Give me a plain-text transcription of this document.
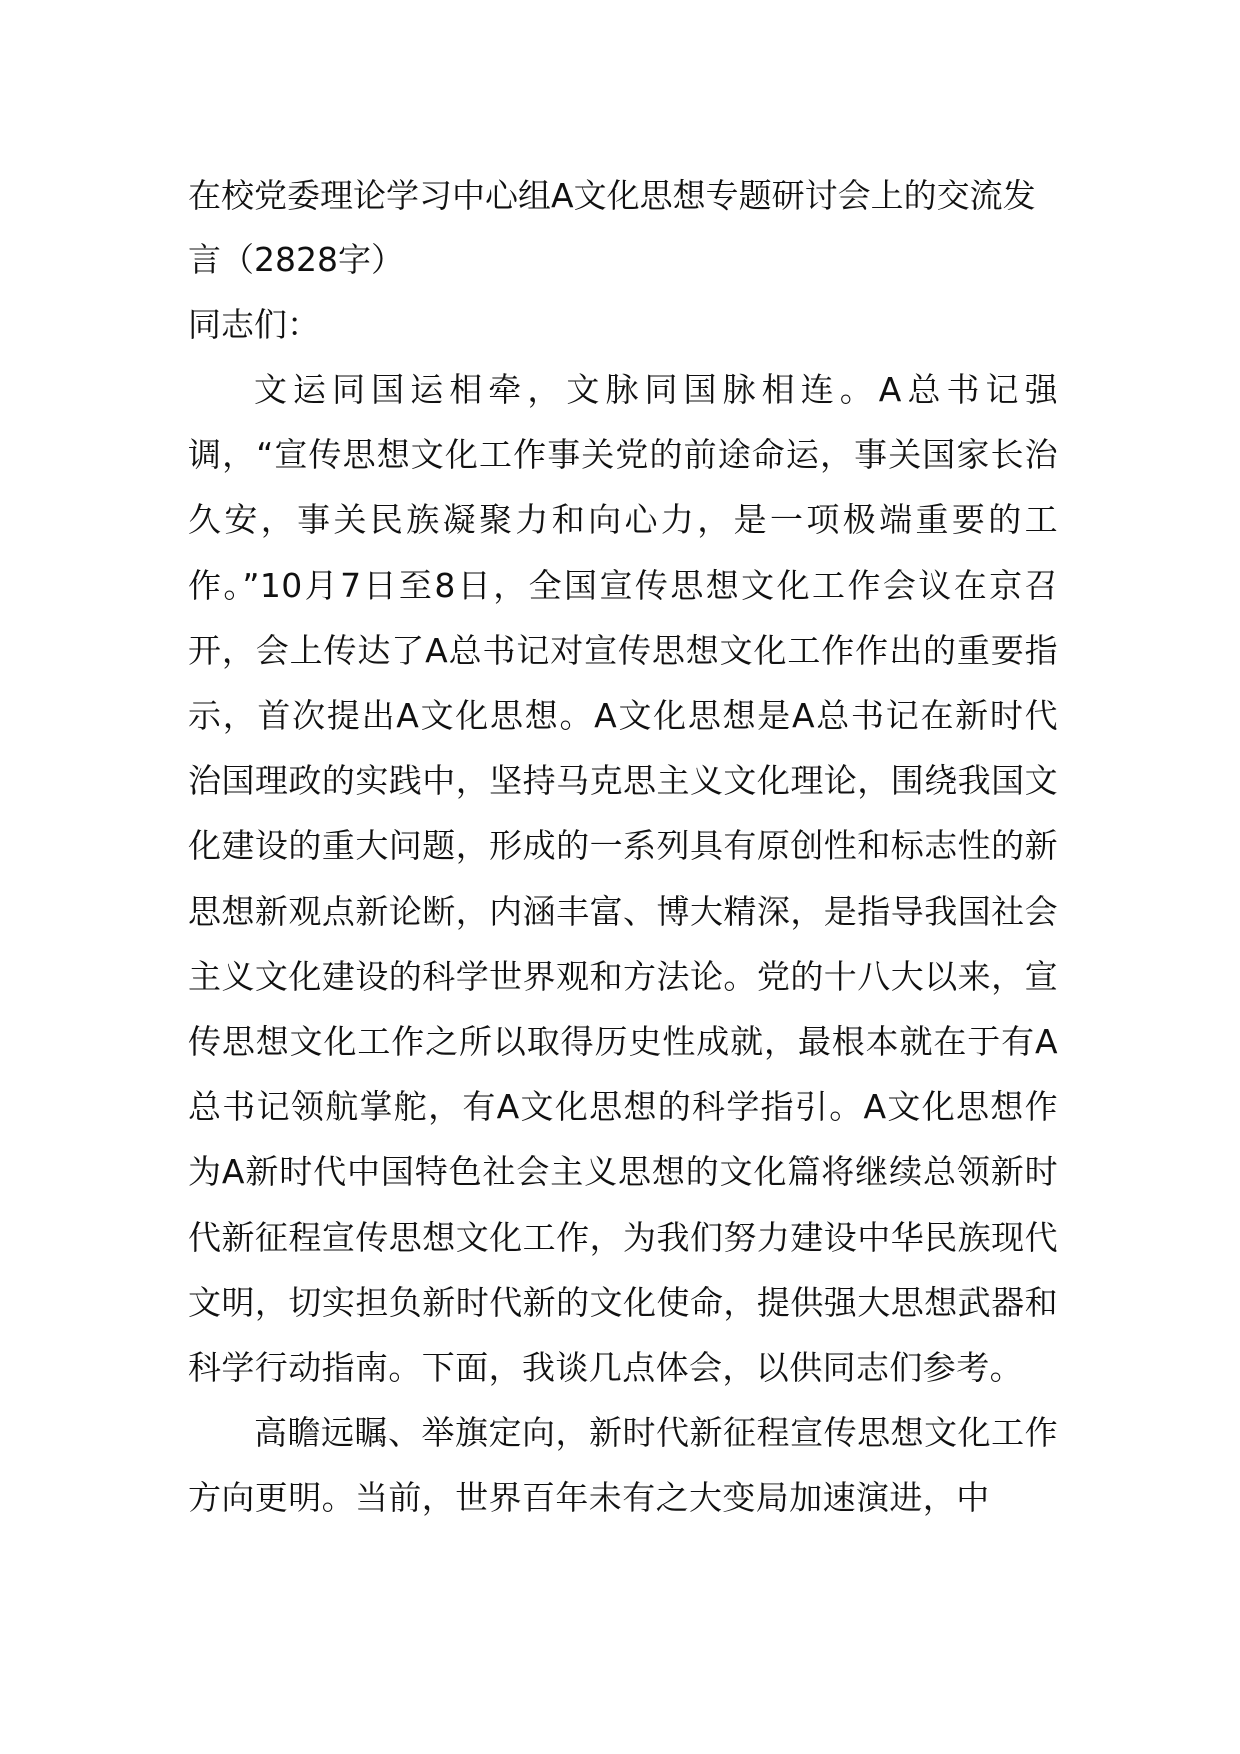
在校党委理论学习中心组A文化思想专题研讨会上的交流发言（2828字）

同志们：

文运同国运相牵，文脉同国脉相连。A总书记强调，“宣传思想文化工作事关党的前途命运，事关国家长治久安，事关民族凝聚力和向心力，是一项极端重要的工作。”10月7日至8日，全国宣传思想文化工作会议在京召开，会上传达了A总书记对宣传思想文化工作作出的重要指示，首次提出A文化思想。A文化思想是A总书记在新时代治国理政的实践中，坚持马克思主义文化理论，围绕我国文化建设的重大问题，形成的一系列具有原创性和标志性的新思想新观点新论断，内涵丰富、博大精深，是指导我国社会主义文化建设的科学世界观和方法论。党的十八大以来，宣传思想文化工作之所以取得历史性成就，最根本就在于有A总书记领航掌舵，有A文化思想的科学指引。A文化思想作为A新时代中国特色社会主义思想的文化篇将继续总领新时代新征程宣传思想文化工作，为我们努力建设中华民族现代文明，切实担负新时代新的文化使命，提供强大思想武器和科学行动指南。下面，我谈几点体会，以供同志们参考。

高瞻远瞩、举旗定向，新时代新征程宣传思想文化工作方向更明。当前，世界百年未有之大变局加速演进，中
